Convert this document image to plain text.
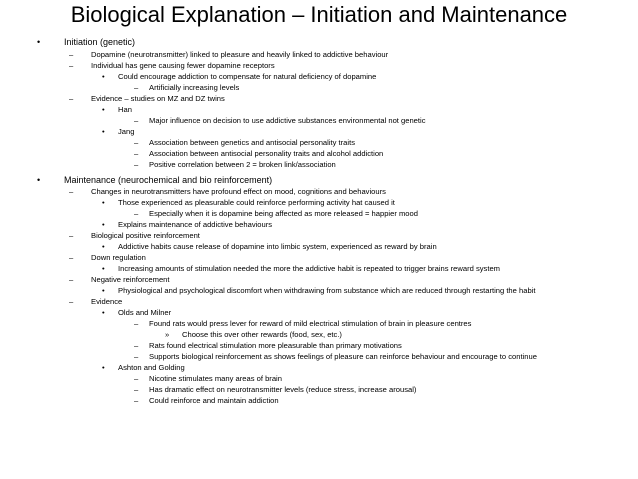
Biological Explanation – Initiation and Maintenance
•	Initiation (genetic)
– Dopamine (neurotransmitter) linked to pleasure and heavily linked to addictive behaviour
– Individual has gene causing fewer dopamine receptors
• Could encourage addiction to compensate for natural deficiency of dopamine
– Artificially increasing levels
– Evidence – studies on MZ and DZ twins
• Han
– Major influence on decision to use addictive substances environmental not genetic
• Jang
– Association between genetics and antisocial personality traits
– Association between antisocial personality traits and alcohol addiction
– Positive correlation between 2 = broken link/association
•	Maintenance (neurochemical and bio reinforcement)
– Changes in neurotransmitters have profound effect on mood, cognitions and behaviours
• Those experienced as pleasurable could reinforce performing activity hat caused it
– Especially when it is dopamine being affected as more released = happier mood
• Explains maintenance of addictive behaviours
– Biological positive reinforcement
• Addictive habits cause release of dopamine into limbic system, experienced as reward by brain
– Down regulation
• Increasing amounts of stimulation needed the more the addictive habit is repeated to trigger brains reward system
– Negative reinforcement
• Physiological and psychological discomfort when withdrawing from substance which are reduced through restarting the habit
– Evidence
• Olds and Milner
– Found rats would press lever for reward of mild electrical stimulation of brain in pleasure centres
» Choose this over other rewards (food, sex, etc.)
– Rats found electrical stimulation more pleasurable than primary motivations
– Supports biological reinforcement as shows feelings of pleasure can reinforce behaviour and encourage to continue
• Ashton and Golding
– Nicotine stimulates many areas of brain
– Has dramatic effect on neurotransmitter levels (reduce stress, increase arousal)
– Could reinforce and maintain addiction
